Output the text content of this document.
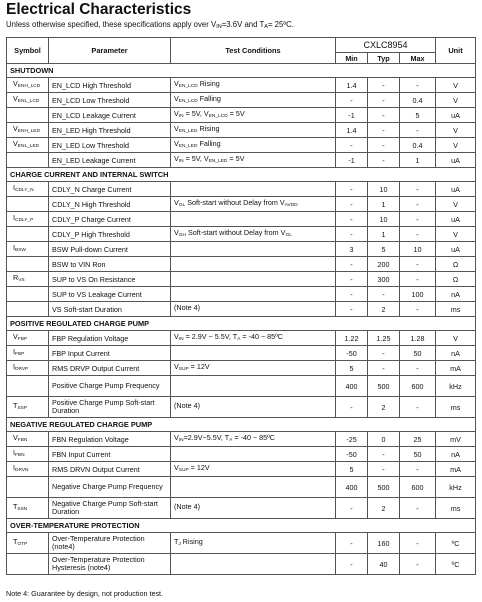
Electrical Characteristics
Unless otherwise specified, these specifications apply over $V_{IN}=3.6V$ and $T_A=$ 25ºC.
Symbol	Parameter	Test Conditions	CXLC8954			Unit
			Min	Typ	Max	
SHUTDOWN						
$V_{ENH\_LCD}$	EN_LCD High Threshold	$V_{EN\_LCD}$ Rising	1.4	-	-	V
$V_{ENL\_LCD}$	EN_LCD Low Threshold	$V_{EN\_LCD}$ Falling	-	-	0.4	V
	EN_LCD Leakage Current	$V_{IN} = 5V$, $V_{EN\_LCD} = 5V$	-1	-	5	uA
$V_{ENH\_LED}$	EN_LED High Threshold	$V_{EN\_LED}$ Rising	1.4	-	-	V
$V_{ENL\_LED}$	EN_LED Low Threshold	$V_{EN\_LED}$ Falling	-	-	0.4	V
	EN_LED Leakage Current	$V_{IN} = 5V$, $V_{EN\_LED} = 5V$	-1	-	1	uA
CHARGE CURRENT AND INTERNAL SWITCH						
$I_{CDLY\_N}$	CDLY_N Charge Current		-	10	-	uA
	CDLY_N High Threshold	$V_{GL}$ Soft-start without Delay from $V_{AVDD}$	-	1	-	V
$I_{CDLY\_P}$	CDLY_P Charge Current		-	10	-	uA
	CDLY_P High Threshold	$V_{GH}$ Soft-start without Delay from $V_{GL}$	-	1	-	V
$I_{BSW}$	BSW Pull-down Current		3	5	10	uA
	BSW to VIN Ron		-	200	-	Ω
$R_{VS}$	SUP to VS On Resistance		-	300	-	Ω
	SUP to VS Leakage Current		-	-	100	nA
	VS Soft-start Duration	(Note 4)	-	2	-	ms
POSITIVE REGULATED CHARGE PUMP						
$V_{FBP}$	FBP Regulation Voltage	$V_{IN} = 2.9V$ ~ 5.5V, $T_A = -40$ ~ 85ºC	1.22	1.25	1.28	V
$I_{FBP}$	FBP Input Current		-50	-	50	nA
$I_{DRVP}$	RMS DRVP Output Current	$V_{SUP} = 12V$	5	-	-	mA
	Positive Charge Pump Frequency		400	500	600	kHz
$T_{SSP}$	Positive Charge Pump Soft-start Duration	(Note 4)	-	2	-	ms
NEGATIVE REGULATED CHARGE PUMP						
$V_{FBN}$	FBN Regulation Voltage	$V_{IN}=2.9V\sim 5.5V$, $T_A = -40$ ~ 85ºC	-25	0	25	mV
$I_{FBN}$	FBN Input Current		-50	-	50	nA
$I_{DRVN}$	RMS DRVN Output Current	$V_{SUP} = 12V$	5	-	-	mA
	Negative Charge Pump Frequency		400	500	600	kHz
$T_{SSN}$	Negative Charge Pump Soft-start Duration	(Note 4)	-	2	-	ms
OVER-TEMPERATURE PROTECTION						
$T_{OTP}$	Over-Temperature Protection (note4)	$T_J$ Rising	-	160	-	ºC
	Over-Temperature Protection Hysteresis (note4)		-	40	-	ºC
Note 4: Guarantee by design, not production test.
